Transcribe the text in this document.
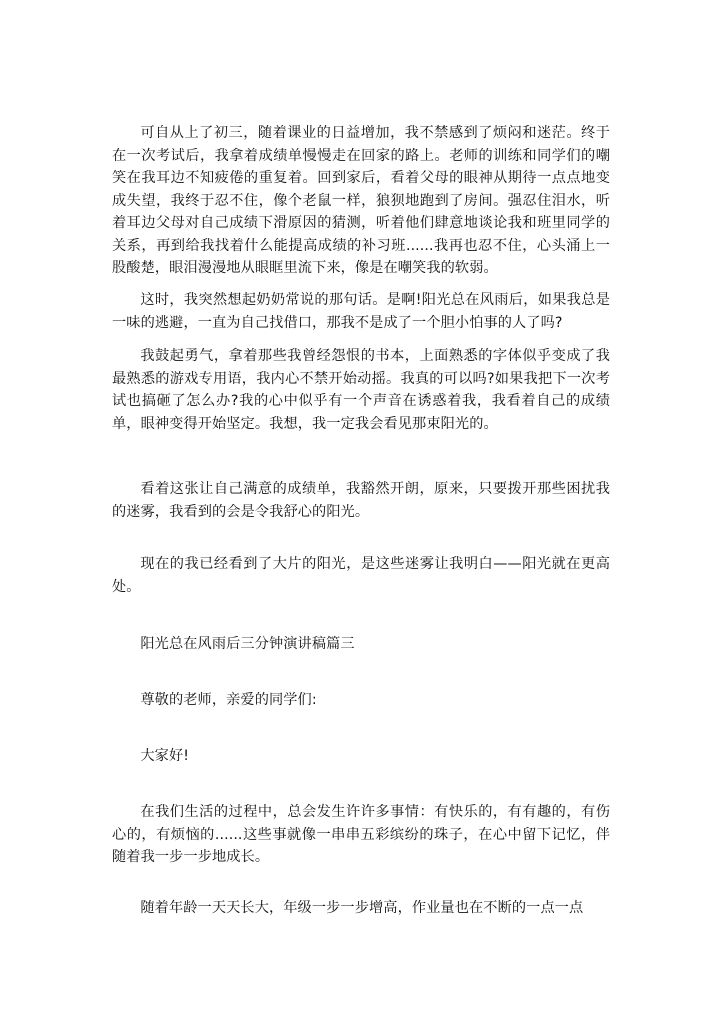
可自从上了初三，随着课业的日益增加，我不禁感到了烦闷和迷茫。终于在一次考试后，我拿着成绩单慢慢走在回家的路上。老师的训练和同学们的嘲笑在我耳边不知疲倦的重复着。回到家后，看着父母的眼神从期待一点点地变成失望，我终于忍不住，像个老鼠一样，狼狈地跑到了房间。强忍住泪水，听着耳边父母对自己成绩下滑原因的猜测，听着他们肆意地谈论我和班里同学的关系，再到给我找着什么能提高成绩的补习班......我再也忍不住，心头涌上一股酸楚，眼泪漫漫地从眼眶里流下来，像是在嘲笑我的软弱。

这时，我突然想起奶奶常说的那句话。是啊!阳光总在风雨后，如果我总是一味的逃避，一直为自己找借口，那我不是成了一个胆小怕事的人了吗?

我鼓起勇气，拿着那些我曾经怨恨的书本，上面熟悉的字体似乎变成了我最熟悉的游戏专用语，我内心不禁开始动摇。我真的可以吗?如果我把下一次考试也搞砸了怎么办?我的心中似乎有一个声音在诱惑着我，我看着自己的成绩单，眼神变得开始坚定。我想，我一定我会看见那束阳光的。

看着这张让自己满意的成绩单，我豁然开朗，原来，只要拨开那些困扰我的迷雾，我看到的会是令我舒心的阳光。

现在的我已经看到了大片的阳光，是这些迷雾让我明白——阳光就在更高处。

阳光总在风雨后三分钟演讲稿篇三

尊敬的老师，亲爱的同学们:

大家好!

在我们生活的过程中，总会发生许许多事情：有快乐的，有有趣的，有伤心的，有烦恼的......这些事就像一串串五彩缤纷的珠子，在心中留下记忆，伴随着我一步一步地成长。

随着年龄一天天长大，年级一步一步增高，作业量也在不断的一点一点
